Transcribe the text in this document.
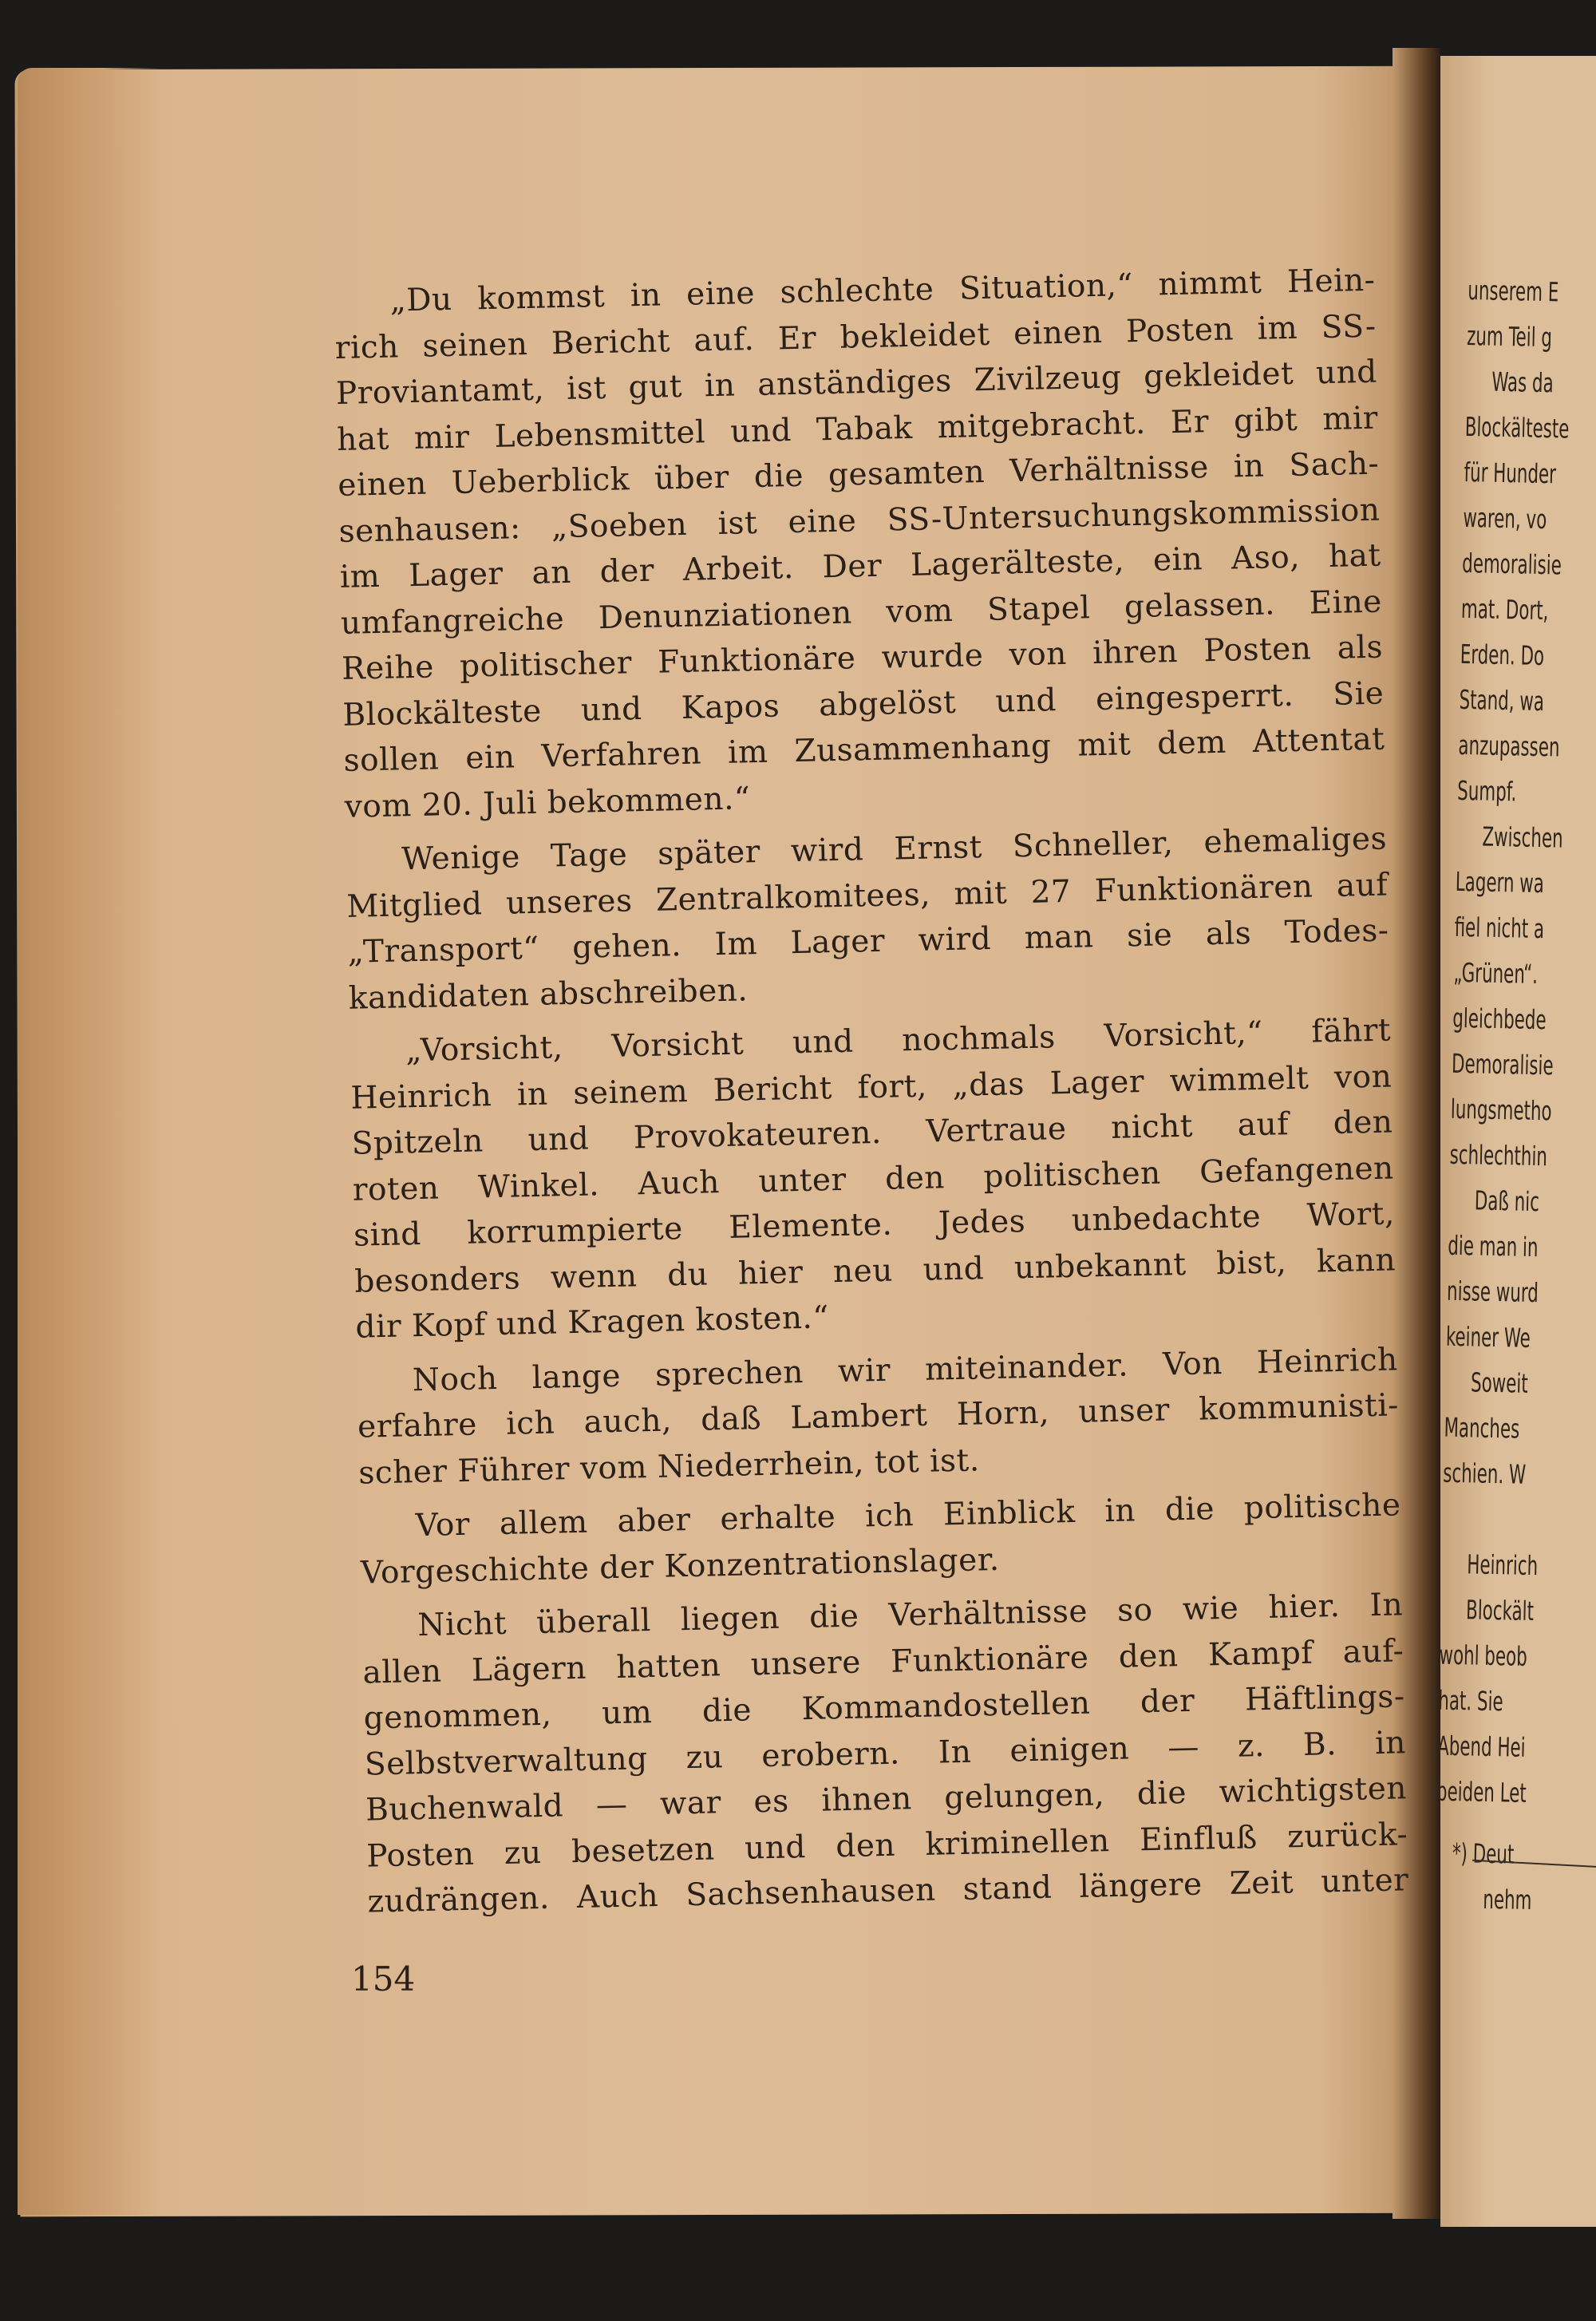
„Du kommst in eine schlechte Situation,“ nimmt Hein-
rich seinen Bericht auf. Er bekleidet einen Posten im SS-
Proviantamt, ist gut in anständiges Zivilzeug gekleidet und
hat mir Lebensmittel und Tabak mitgebracht. Er gibt mir
einen Ueberblick über die gesamten Verhältnisse in Sach-
senhausen: „Soeben ist eine SS-Untersuchungskommission
im Lager an der Arbeit. Der Lagerälteste, ein Aso, hat
umfangreiche Denunziationen vom Stapel gelassen. Eine
Reihe politischer Funktionäre wurde von ihren Posten als
Blockälteste und Kapos abgelöst und eingesperrt. Sie
sollen ein Verfahren im Zusammenhang mit dem Attentat
vom 20. Juli bekommen.“
Wenige Tage später wird Ernst Schneller, ehemaliges
Mitglied unseres Zentralkomitees, mit 27 Funktionären auf
„Transport“ gehen. Im Lager wird man sie als Todes-
kandidaten abschreiben.
„Vorsicht, Vorsicht und nochmals Vorsicht,“ fährt
Heinrich in seinem Bericht fort, „das Lager wimmelt von
Spitzeln und Provokateuren. Vertraue nicht auf den
roten Winkel. Auch unter den politischen Gefangenen
sind korrumpierte Elemente. Jedes unbedachte Wort,
besonders wenn du hier neu und unbekannt bist, kann
dir Kopf und Kragen kosten.“
Noch lange sprechen wir miteinander. Von Heinrich
erfahre ich auch, daß Lambert Horn, unser kommunisti-
scher Führer vom Niederrhein, tot ist.
Vor allem aber erhalte ich Einblick in die politische
Vorgeschichte der Konzentrationslager.
Nicht überall liegen die Verhältnisse so wie hier. In
allen Lägern hatten unsere Funktionäre den Kampf auf-
genommen, um die Kommandostellen der Häftlings-
Selbstverwaltung zu erobern. In einigen — z. B. in
Buchenwald — war es ihnen gelungen, die wichtigsten
Posten zu besetzen und den kriminellen Einfluß zurück-
zudrängen. Auch Sachsenhausen stand längere Zeit unter
154
unserem E
zum Teil g
Was da
Blockälteste
für Hunder
waren, vo
demoralisie
mat. Dort,
Erden. Do
Stand, wa
anzupassen
Sumpf.
Zwischen
Lagern wa
fiel nicht a
„Grünen“.
gleichbede
Demoralisie
lungsmetho
schlechthin
Daß nic
die man in
nisse wurd
keiner We
Soweit
Manches
schien. W
Heinrich
Blockält
wohl beob
hat. Sie
Abend Hei
beiden Let
*) Deut
nehm
